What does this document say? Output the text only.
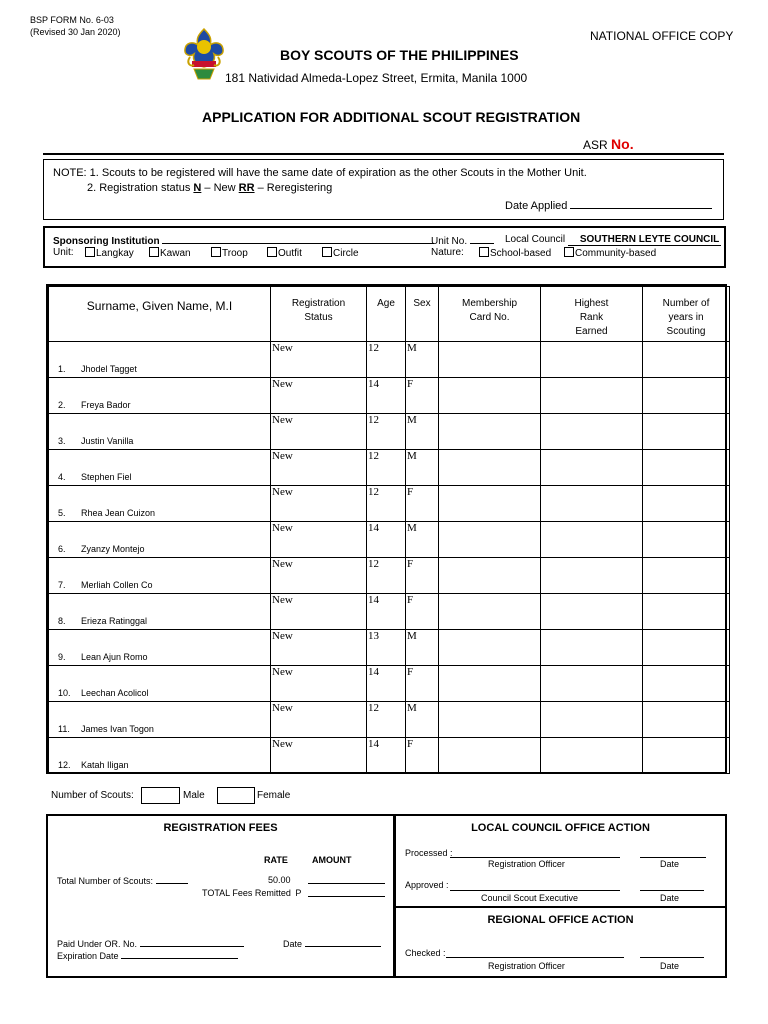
BSP FORM No. 6-03
(Revised 30 Jan 2020)	NATIONAL OFFICE COPY
BOY SCOUTS OF THE PHILIPPINES
181 Natividad Almeda-Lopez Street, Ermita, Manila 1000
APPLICATION FOR ADDITIONAL SCOUT REGISTRATION
ASR No.
NOTE: 1. Scouts to be registered will have the same date of expiration as the other Scouts in the Mother Unit.
2. Registration status N – New RR – Reregistering
Date Applied
Sponsoring Institution	Unit No.	Local Council SOUTHERN LEYTE COUNCIL
Unit:	Langkay	Kawan	Troop	Outfit	Circle	Nature:	School-based	Community-based
Surname, Given Name, M.I	Registration Status	Age	Sex	Membership Card No.	Highest Rank Earned	Number of years in Scouting

1. Jhodel Tagget	New	12	M			

2. Freya Bador	New	14	F			

3. Justin Vanilla	New	12	M			

4. Stephen Fiel	New	12	M			

5. Rhea Jean Cuizon	New	12	F			

6. Zyanzy Montejo	New	14	M			

7. Merliah Collen Co	New	12	F			

8. Erieza Ratinggal	New	14	F			

9. Lean Ajun Romo	New	13	M			

10. Leechan Acolicol	New	14	F			

11. James Ivan Togon	New	12	M			

12. Katah Iligan	New	14	F			
Number of Scouts:	Male	Female
REGISTRATION FEES
RATE	AMOUNT
Total Number of Scouts:	50.00
TOTAL Fees Remitted P
Paid Under OR. No.	Date
Expiration Date
LOCAL COUNCIL OFFICE ACTION
Processed :
Registration Officer	Date
Approved :
Council Scout Executive	Date
REGIONAL OFFICE ACTION
Checked :
Registration Officer	Date
